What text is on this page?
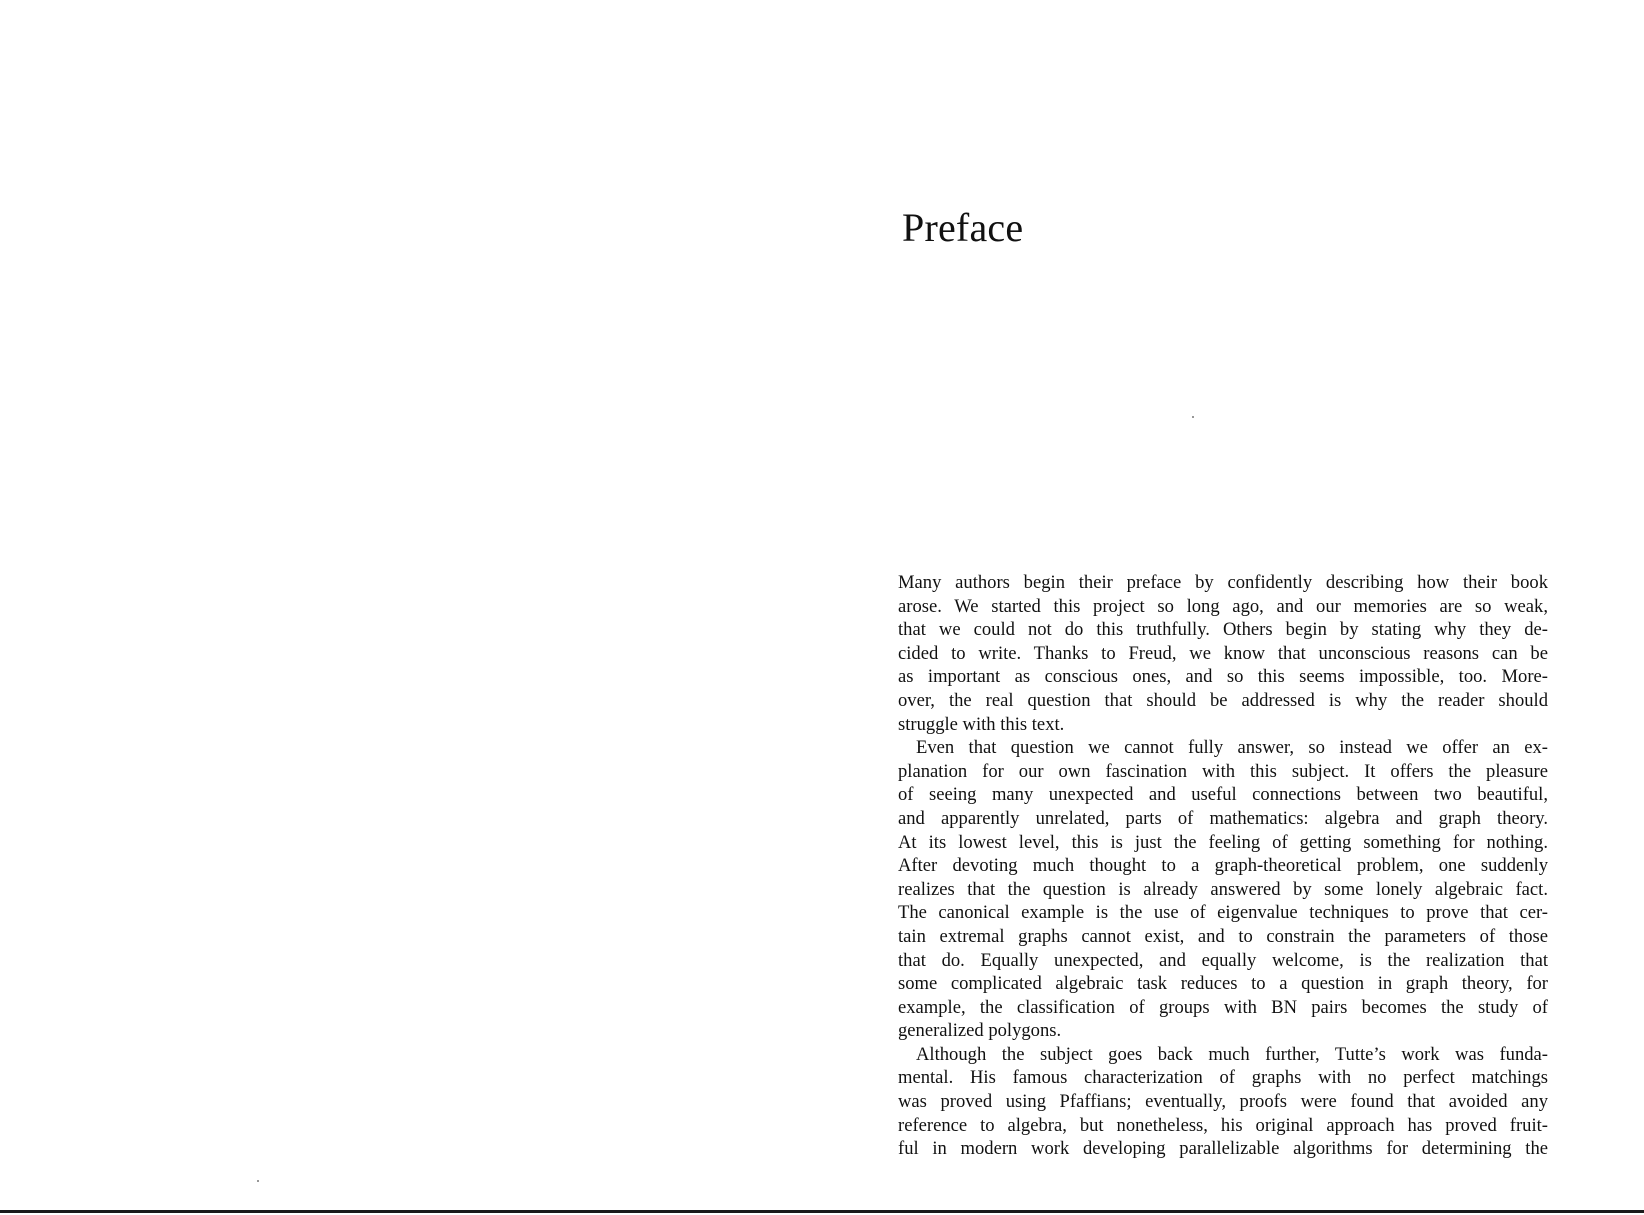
Preface
Many authors begin their preface by confidently describing how their book
arose. We started this project so long ago, and our memories are so weak,
that we could not do this truthfully. Others begin by stating why they de-
cided to write. Thanks to Freud, we know that unconscious reasons can be
as important as conscious ones, and so this seems impossible, too. More-
over, the real question that should be addressed is why the reader should
struggle with this text.
Even that question we cannot fully answer, so instead we offer an ex-
planation for our own fascination with this subject. It offers the pleasure
of seeing many unexpected and useful connections between two beautiful,
and apparently unrelated, parts of mathematics: algebra and graph theory.
At its lowest level, this is just the feeling of getting something for nothing.
After devoting much thought to a graph-theoretical problem, one suddenly
realizes that the question is already answered by some lonely algebraic fact.
The canonical example is the use of eigenvalue techniques to prove that cer-
tain extremal graphs cannot exist, and to constrain the parameters of those
that do. Equally unexpected, and equally welcome, is the realization that
some complicated algebraic task reduces to a question in graph theory, for
example, the classification of groups with BN pairs becomes the study of
generalized polygons.
Although the subject goes back much further, Tutte’s work was funda-
mental. His famous characterization of graphs with no perfect matchings
was proved using Pfaffians; eventually, proofs were found that avoided any
reference to algebra, but nonetheless, his original approach has proved fruit-
ful in modern work developing parallelizable algorithms for determining the
